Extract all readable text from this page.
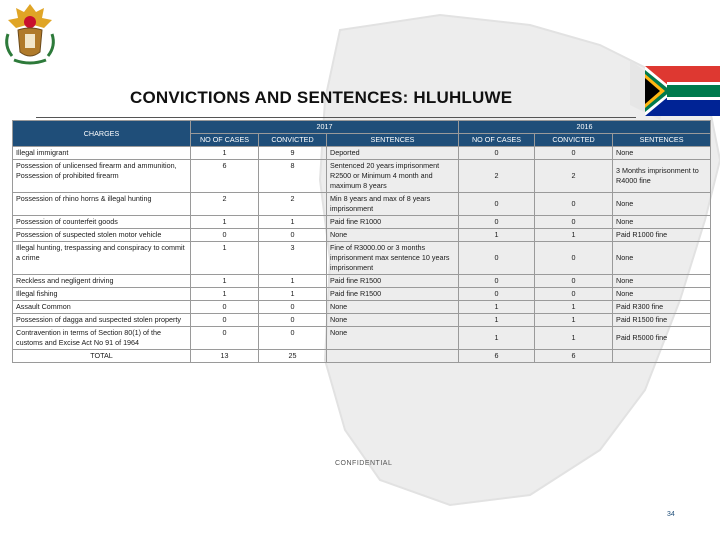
CONVICTIONS AND SENTENCES: HLUHLUWE
CHARGES	2017			2016		
	NO OF CASES	CONVICTED	SENTENCES	NO OF CASES	CONVICTED	SENTENCES
Illegal immigrant	1	9	Deported	0	0	None
Possession of unlicensed firearm and ammunition, Possession of prohibited firearm	6	8	Sentenced 20 years imprisonment R2500 or Minimum 4 month and maximum 8 years	2	2	3 Months imprisonment to R4000 fine
Possession of rhino horns & illegal hunting	2	2	Min 8 years and max of 8 years imprisonment	0	0	None
Possession of counterfeit goods	1	1	Paid fine R1000	0	0	None
Possession of suspected stolen motor vehicle	0	0	None	1	1	Paid R1000 fine
Illegal hunting, trespassing and conspiracy to commit a crime	1	3	Fine of R3000.00 or 3 months imprisonment max sentence 10 years imprisonment	0	0	None
Reckless and negligent driving	1	1	Paid fine R1500	0	0	None
Illegal fishing	1	1	Paid fine R1500	0	0	None
Assault Common	0	0	None	1	1	Paid R300 fine
Possession of dagga and suspected stolen property	0	0	None	1	1	Paid R1500 fine
Contravention in terms of Section 80(1) of the customs and Excise Act No 91 of 1964	0	0	None	1	1	Paid R5000 fine
TOTAL	13	25		6	6	
CONFIDENTIAL
34
